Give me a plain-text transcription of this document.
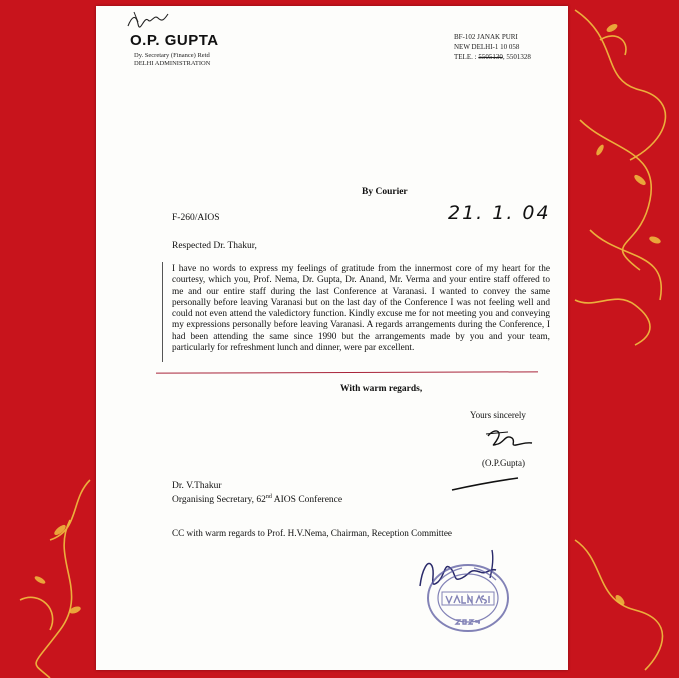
O.P. GUPTA
Dy. Secretary (Finance) Retd
DELHI ADMINISTRATION
BF-102 JANAK PURI
NEW DELHI-1 10 058
TELE. : 5505130, 5501328
By Courier
F-260/AIOS	21. 1. 04
Respected Dr. Thakur,
I have no words to express my feelings of gratitude from the innermost core of my heart for the courtesy, which you, Prof. Nema, Dr. Gupta, Dr. Anand, Mr. Verma and your entire staff offered to me and our entire staff during the last Conference at Varanasi. I wanted to convey the same personally before leaving Varanasi but on the last day of the Conference I was not feeling well and could not even attend the valedictory function. Kindly excuse me for not meeting you and conveying my expressions personally before leaving Varanasi. A regards arrangements during the Conference, I had been attending the same since 1990 but the arrangements made by you and your team, particularly for refreshment lunch and dinner, were par excellent.
With warm regards,
Yours sincerely
(O.P.Gupta)
Dr. V.Thakur
Organising Secretary, 62nd AIOS Conference
CC with warm regards to Prof. H.V.Nema, Chairman, Reception Committee
